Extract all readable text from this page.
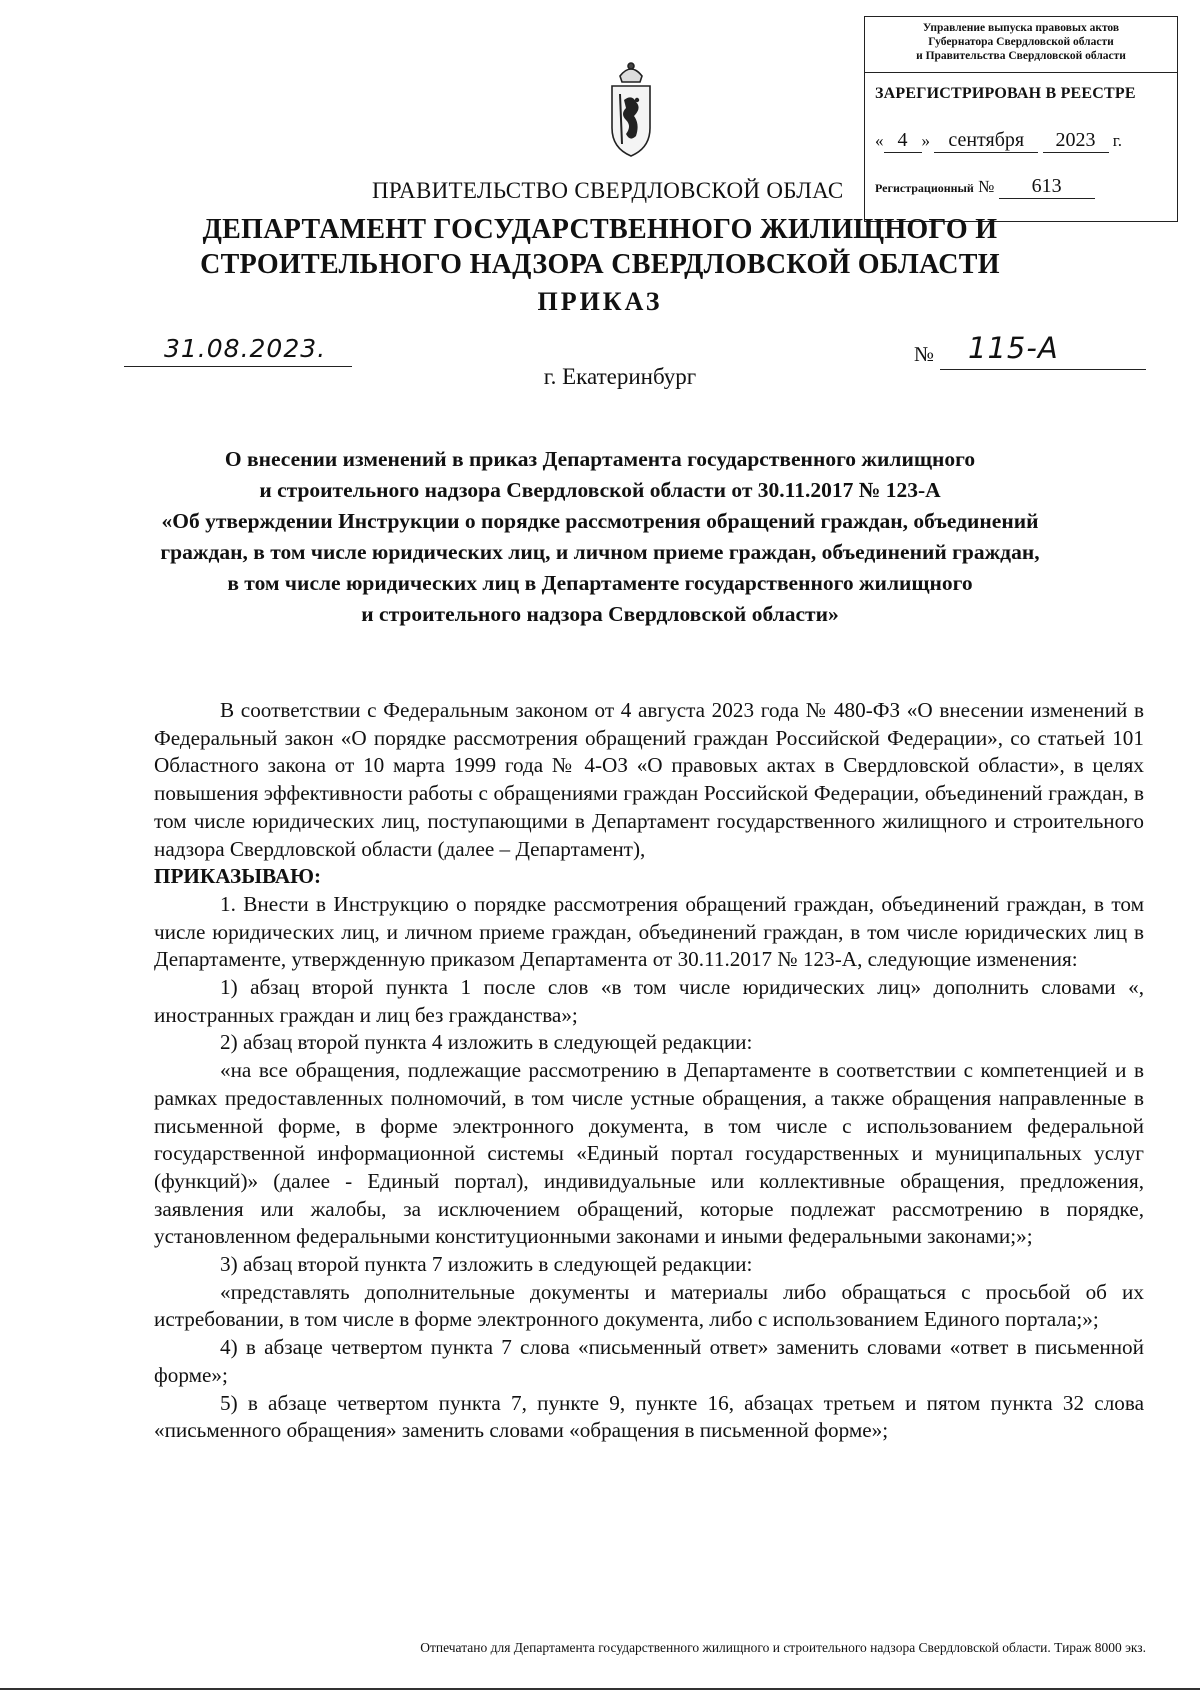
Управление выпуска правовых актов
Губернатора Свердловской области
и Правительства Свердловской области
ЗАРЕГИСТРИРОВАН В РЕЕСТРЕ
« 4 » сентября 2023 г.
Регистрационный № 613
ПРАВИТЕЛЬСТВО СВЕРДЛОВСКОЙ ОБЛАС
ДЕПАРТАМЕНТ ГОСУДАРСТВЕННОГО ЖИЛИЩНОГО И
СТРОИТЕЛЬНОГО НАДЗОРА СВЕРДЛОВСКОЙ ОБЛАСТИ
ПРИКАЗ
31.08.2023.	№ 115-А
г. Екатеринбург
О внесении изменений в приказ Департамента государственного жилищного
и строительного надзора Свердловской области от 30.11.2017 № 123-А
«Об утверждении Инструкции о порядке рассмотрения обращений граждан, объединений
граждан, в том числе юридических лиц, и личном приеме граждан, объединений граждан,
в том числе юридических лиц в Департаменте государственного жилищного
и строительного надзора Свердловской области»

В соответствии с Федеральным законом от 4 августа 2023 года № 480-ФЗ «О внесении изменений в Федеральный закон «О порядке рассмотрения обращений граждан Российской Федерации», со статьей 101 Областного закона от 10 марта 1999 года № 4-ОЗ «О правовых актах в Свердловской области», в целях повышения эффективности работы с обращениями граждан Российской Федерации, объединений граждан, в том числе юридических лиц, поступающими в Департамент государственного жилищного и строительного надзора Свердловской области (далее – Департамент),

ПРИКАЗЫВАЮ:

1. Внести в Инструкцию о порядке рассмотрения обращений граждан, объединений граждан, в том числе юридических лиц, и личном приеме граждан, объединений граждан, в том числе юридических лиц в Департаменте, утвержденную приказом Департамента от 30.11.2017 № 123-А, следующие изменения:

1) абзац второй пункта 1 после слов «в том числе юридических лиц» дополнить словами «, иностранных граждан и лиц без гражданства»;

2) абзац второй пункта 4 изложить в следующей редакции:

«на все обращения, подлежащие рассмотрению в Департаменте в соответствии с компетенцией и в рамках предоставленных полномочий, в том числе устные обращения, а также обращения направленные в письменной форме, в форме электронного документа, в том числе с использованием федеральной государственной информационной системы «Единый портал государственных и муниципальных услуг (функций)» (далее - Единый портал), индивидуальные или коллективные обращения, предложения, заявления или жалобы, за исключением обращений, которые подлежат рассмотрению в порядке, установленном федеральными конституционными законами и иными федеральными законами;»;

3) абзац второй пункта 7 изложить в следующей редакции:

«представлять дополнительные документы и материалы либо обращаться с просьбой об их истребовании, в том числе в форме электронного документа, либо с использованием Единого портала;»;

4) в абзаце четвертом пункта 7 слова «письменный ответ» заменить словами «ответ в письменной форме»;

5) в абзаце четвертом пункта 7, пункте 9, пункте 16, абзацах третьем и пятом пункта 32 слова «письменного обращения» заменить словами «обращения в письменной форме»;

Отпечатано для Департамента государственного жилищного и строительного надзора Свердловской области. Тираж 8000 экз.
